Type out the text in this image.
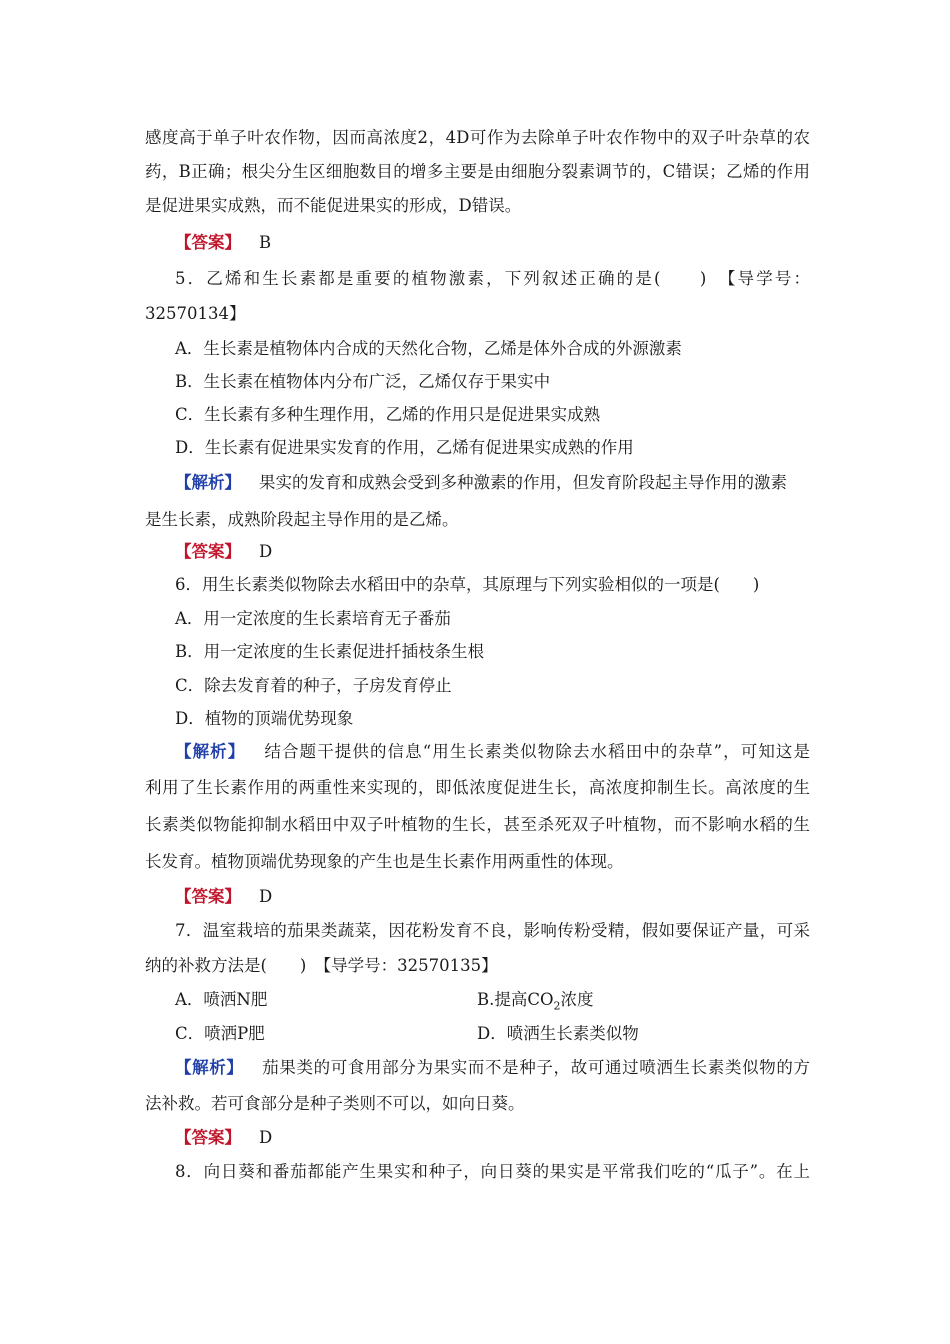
感度高于单子叶农作物，因而高浓度2，4D可作为去除单子叶农作物中的双子叶杂草的农
药，B正确；根尖分生区细胞数目的增多主要是由细胞分裂素调节的，C错误；乙烯的作用
是促进果实成熟，而不能促进果实的形成，D错误。
【答案】 B
5．乙烯和生长素都是重要的植物激素，下列叙述正确的是(　　)　【导学号：
32570134】
A．生长素是植物体内合成的天然化合物，乙烯是体外合成的外源激素
B．生长素在植物体内分布广泛，乙烯仅存于果实中
C．生长素有多种生理作用，乙烯的作用只是促进果实成熟
D．生长素有促进果实发育的作用，乙烯有促进果实成熟的作用
【解析】 果实的发育和成熟会受到多种激素的作用，但发育阶段起主导作用的激素
是生长素，成熟阶段起主导作用的是乙烯。
【答案】 D
6．用生长素类似物除去水稻田中的杂草，其原理与下列实验相似的一项是(　　)
A．用一定浓度的生长素培育无子番茄
B．用一定浓度的生长素促进扦插枝条生根
C．除去发育着的种子，子房发育停止
D．植物的顶端优势现象
【解析】 结合题干提供的信息“用生长素类似物除去水稻田中的杂草”，可知这是
利用了生长素作用的两重性来实现的，即低浓度促进生长，高浓度抑制生长。高浓度的生
长素类似物能抑制水稻田中双子叶植物的生长，甚至杀死双子叶植物，而不影响水稻的生
长发育。植物顶端优势现象的产生也是生长素作用两重性的体现。
【答案】 D
7．温室栽培的茄果类蔬菜，因花粉发育不良，影响传粉受精，假如要保证产量，可采
纳的补救方法是(　　)　【导学号：32570135】
A．喷洒N肥	B.提高$CO_2$浓度
C．喷洒P肥	D．喷洒生长素类似物
【解析】 茄果类的可食用部分为果实而不是种子，故可通过喷洒生长素类似物的方
法补救。若可食部分是种子类则不可以，如向日葵。
【答案】 D
8．向日葵和番茄都能产生果实和种子，向日葵的果实是平常我们吃的“瓜子”。在上
